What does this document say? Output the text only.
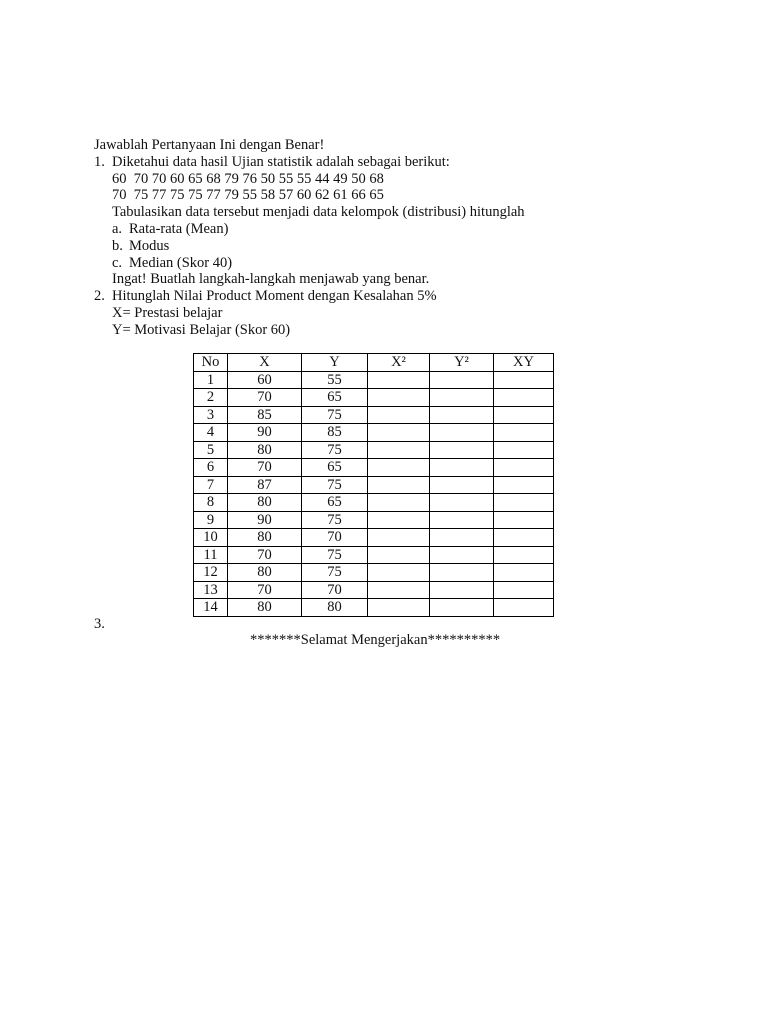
Jawablah Pertanyaan Ini dengan Benar!
1. Diketahui data hasil Ujian statistik adalah sebagai berikut:
60  70 70 60 65 68 79 76 50 55 55 44 49 50 68
70  75 77 75 75 77 79 55 58 57 60 62 61 66 65
Tabulasikan data tersebut menjadi data kelompok (distribusi) hitunglah
a. Rata-rata (Mean)
b. Modus
c. Median (Skor 40)
Ingat! Buatlah langkah-langkah menjawab yang benar.
2. Hitunglah Nilai Product Moment dengan Kesalahan 5%
X= Prestasi belajar
Y= Motivasi Belajar (Skor 60)
No	X	Y	X²	Y²	XY
1	60	55			
2	70	65			
3	85	75			
4	90	85			
5	80	75			
6	70	65			
7	87	75			
8	80	65			
9	90	75			
10	80	70			
11	70	75			
12	80	75			
13	70	70			
14	80	80			
3.
*******Selamat Mengerjakan**********
